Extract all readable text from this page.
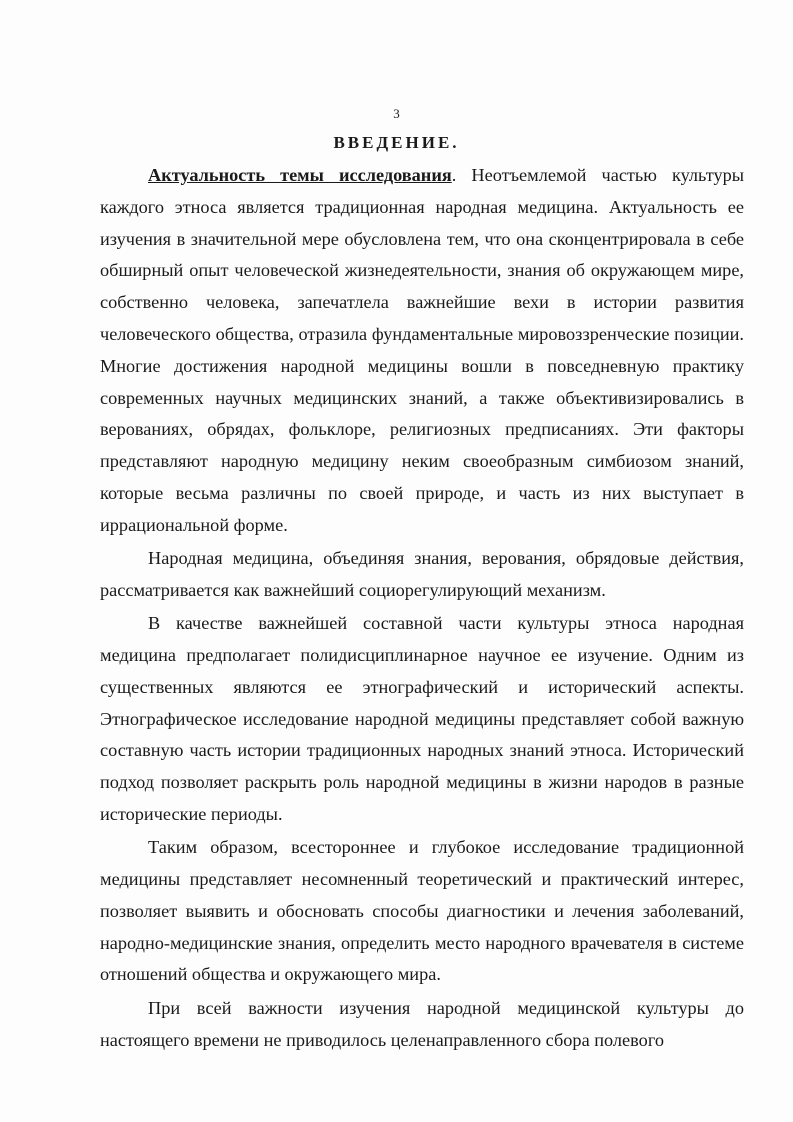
3
ВВЕДЕНИЕ.

Актуальность темы исследования. Неотъемлемой частью культуры каждого этноса является традиционная народная медицина. Актуальность ее изучения в значительной мере обусловлена тем, что она сконцентрировала в себе обширный опыт человеческой жизнедеятельности, знания об окружающем мире, собственно человека, запечатлела важнейшие вехи в истории развития человеческого общества, отразила фундаментальные мировоззренческие позиции. Многие достижения народной медицины вошли в повседневную практику современных научных медицинских знаний, а также объективизировались в верованиях, обрядах, фольклоре, религиозных предписаниях. Эти факторы представляют народную медицину неким своеобразным симбиозом знаний, которые весьма различны по своей природе, и часть из них выступает в иррациональной форме.

Народная медицина, объединяя знания, верования, обрядовые действия, рассматривается как важнейший социорегулирующий механизм.

В качестве важнейшей составной части культуры этноса народная медицина предполагает полидисциплинарное научное ее изучение. Одним из существенных являются ее этнографический и исторический аспекты. Этнографическое исследование народной медицины представляет собой важную составную часть истории традиционных народных знаний этноса. Исторический подход позволяет раскрыть роль народной медицины в жизни народов в разные исторические периоды.

Таким образом, всестороннее и глубокое исследование традиционной медицины представляет несомненный теоретический и практический интерес, позволяет выявить и обосновать способы диагностики и лечения заболеваний, народно-медицинские знания, определить место народного врачевателя в системе отношений общества и окружающего мира.

При всей важности изучения народной медицинской культуры до настоящего времени не приводилось целенаправленного сбора полевого
